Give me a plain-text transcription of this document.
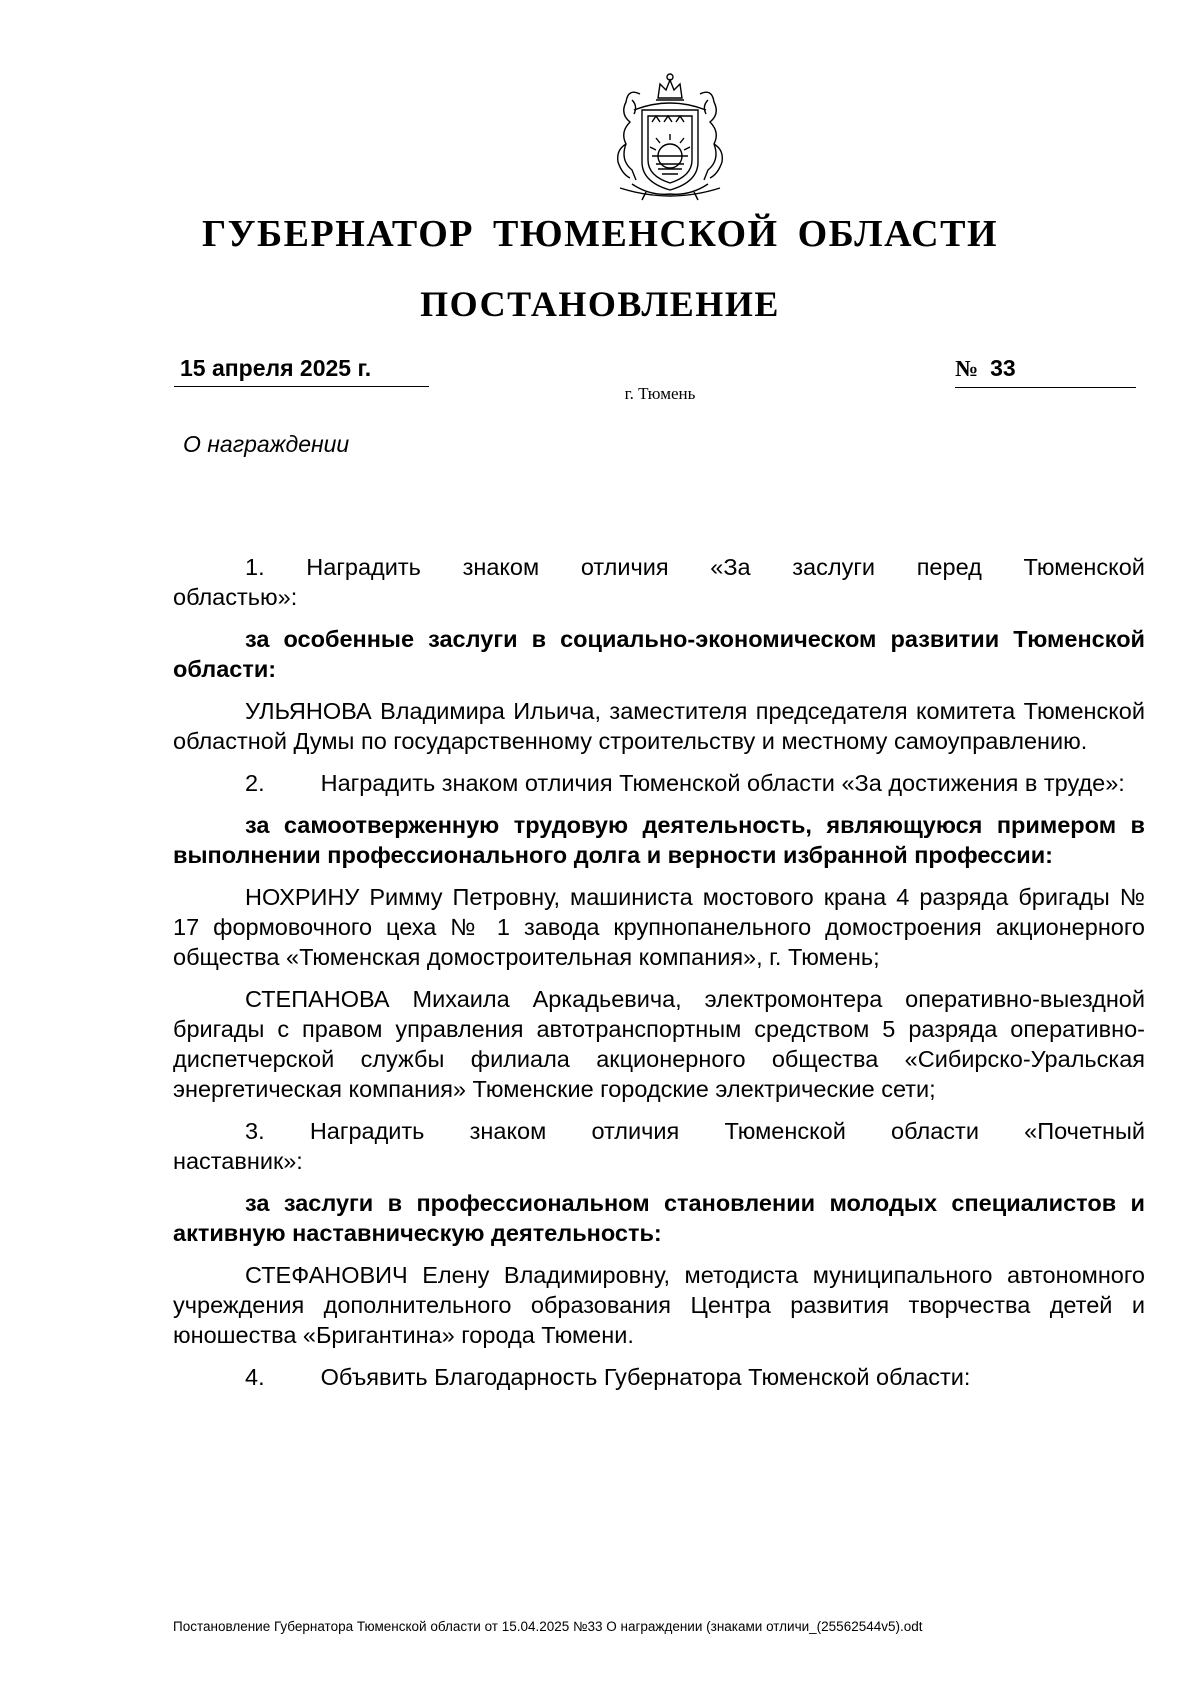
ГУБЕРНАТОР ТЮМЕНСКОЙ ОБЛАСТИ
ПОСТАНОВЛЕНИЕ
15 апреля 2025 г.	№ 33
г. Тюмень
О награждении
1. Наградить знаком отличия «За заслуги перед Тюменской
областью»:

за особенные заслуги в социально-экономическом развитии Тюменской области:

УЛЬЯНОВА Владимира Ильича, заместителя председателя комитета Тюменской областной Думы по государственному строительству и местному самоуправлению.

2. Наградить знаком отличия Тюменской области «За достижения в труде»:

за самоотверженную трудовую деятельность, являющуюся примером в выполнении профессионального долга и верности избранной профессии:

НОХРИНУ Римму Петровну, машиниста мостового крана 4 разряда бригады № 17 формовочного цеха № 1 завода крупнопанельного домостроения акционерного общества «Тюменская домостроительная компания», г. Тюмень;

СТЕПАНОВА Михаила Аркадьевича, электромонтера оперативно-выездной бригады с правом управления автотранспортным средством 5 разряда оперативно-диспетчерской службы филиала акционерного общества «Сибирско-Уральская энергетическая компания» Тюменские городские электрические сети;

3. Наградить знаком отличия Тюменской области «Почетный
наставник»:

за заслуги в профессиональном становлении молодых специалистов и активную наставническую деятельность:

СТЕФАНОВИЧ Елену Владимировну, методиста муниципального автономного учреждения дополнительного образования Центра развития творчества детей и юношества «Бригантина» города Тюмени.

4. Объявить Благодарность Губернатора Тюменской области:

Постановление Губернатора Тюменской области от 15.04.2025 №33 О награждении (знаками отличи_(25562544v5).odt
